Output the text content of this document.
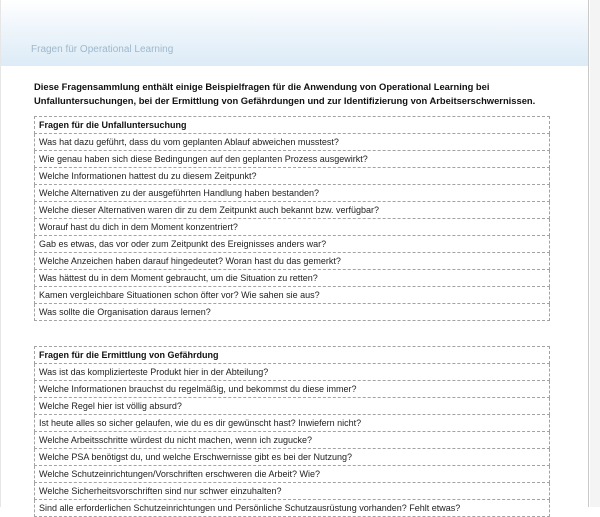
Fragen für Operational Learning
Diese Fragensammlung enthält einige Beispielfragen für die Anwendung von Operational Learning bei Unfalluntersuchungen, bei der Ermittlung von Gefährdungen und zur Identifizierung von Arbeitserschwernissen.
Fragen für die Unfalluntersuchung
Was hat dazu geführt, dass du vom geplanten Ablauf abweichen musstest?
Wie genau haben sich diese Bedingungen auf den geplanten Prozess ausgewirkt?
Welche Informationen hattest du zu diesem Zeitpunkt?
Welche Alternativen zu der ausgeführten Handlung haben bestanden?
Welche dieser Alternativen waren dir zu dem Zeitpunkt auch bekannt bzw. verfügbar?
Worauf hast du dich in dem Moment konzentriert?
Gab es etwas, das vor oder zum Zeitpunkt des Ereignisses anders war?
Welche Anzeichen haben darauf hingedeutet? Woran hast du das gemerkt?
Was hättest du in dem Moment gebraucht, um die Situation zu retten?
Kamen vergleichbare Situationen schon öfter vor? Wie sahen sie aus?
Was sollte die Organisation daraus lernen?
Fragen für die Ermittlung von Gefährdung
Was ist das komplizierteste Produkt hier in der Abteilung?
Welche Informationen brauchst du regelmäßig, und bekommst du diese immer?
Welche Regel hier ist völlig absurd?
Ist heute alles so sicher gelaufen, wie du es dir gewünscht hast? Inwiefern nicht?
Welche Arbeitsschritte würdest du nicht machen, wenn ich zugucke?
Welche PSA benötigst du, und welche Erschwernisse gibt es bei der Nutzung?
Welche Schutzeinrichtungen/Vorschriften erschweren die Arbeit? Wie?
Welche Sicherheitsvorschriften sind nur schwer einzuhalten?
Sind alle erforderlichen Schutzeinrichtungen und Persönliche Schutzausrüstung vorhanden? Fehlt etwas?
